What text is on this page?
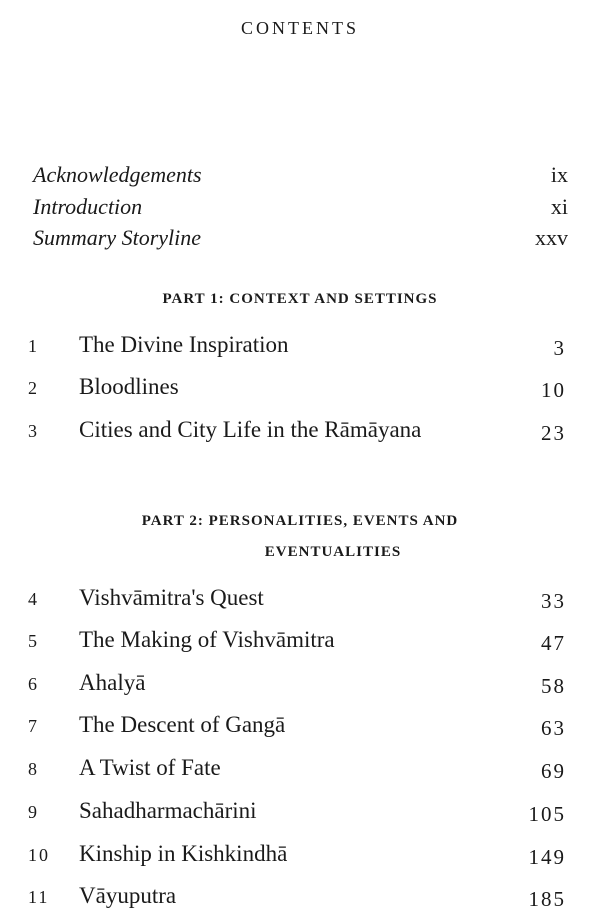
CONTENTS
Acknowledgements	ix
Introduction	xi
Summary Storyline	xxv
PART 1: CONTEXT AND SETTINGS
1	The Divine Inspiration	3
2	Bloodlines	10
3	Cities and City Life in the Rāmāyana	23
PART 2: PERSONALITIES, EVENTS AND
EVENTUALITIES
4	Vishvāmitra's Quest	33
5	The Making of Vishvāmitra	47
6	Ahalyā	58
7	The Descent of Gangā	63
8	A Twist of Fate	69
9	Sahadharmachārini	105
10	Kinship in Kishkindhā	149
11	Vāyuputra	185
